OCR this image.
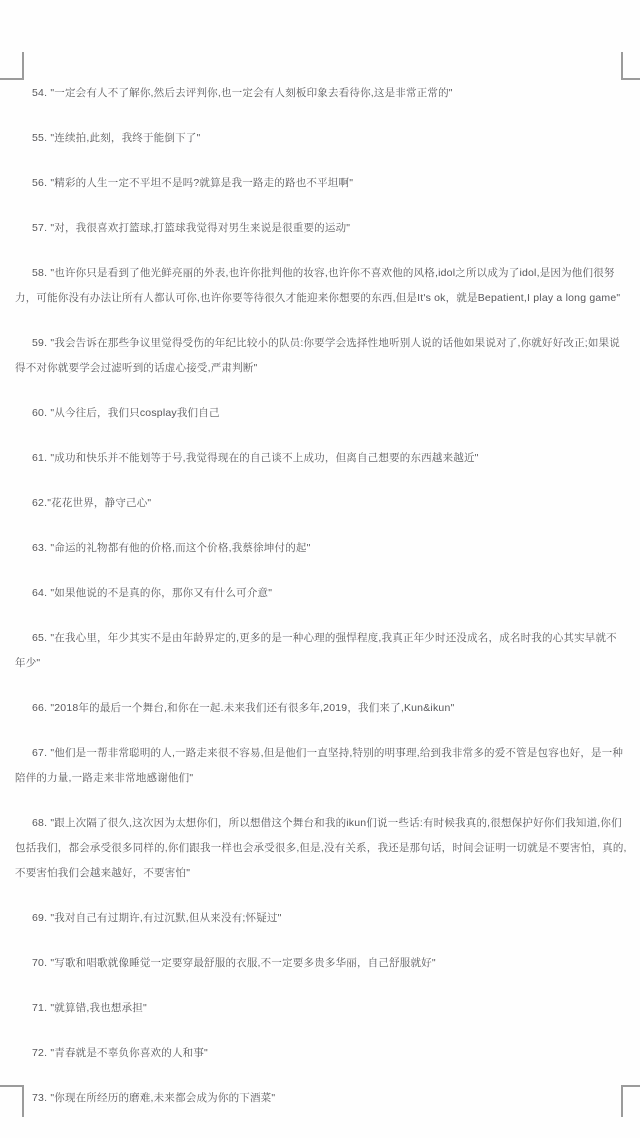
54. "一定会有人不了解你,然后去评判你,也一定会有人刻板印象去看待你,这是非常正常的"

55. "连续拍,此刻，我终于能倒下了"

56. "精彩的人生一定不平坦不是吗?就算是我一路走的路也不平坦啊"

57. "对，我很喜欢打篮球,打篮球我觉得对男生来说是很重要的运动"

58. "也许你只是看到了他光鲜亮丽的外表,也许你批判他的妆容,也许你不喜欢他的风格,idol之所以成为了idol,是因为他们很努力，可能你没有办法让所有人都认可你,也许你要等待很久才能迎来你想要的东西,但是It's ok，就是Bepatient,I play a long game"

59. "我会告诉在那些争议里觉得受伤的年纪比较小的队员:你要学会选择性地听别人说的话他如果说对了,你就好好改正;如果说得不对你就要学会过滤听到的话虚心接受,严肃判断"

60. "从今往后，我们只cosplay我们自己

61. "成功和快乐并不能划等于号,我觉得现在的自己谈不上成功，但离自己想要的东西越来越近"

62."花花世界，静守己心"

63. "命运的礼物都有他的价格,而这个价格,我蔡徐坤付的起"

64. "如果他说的不是真的你，那你又有什么可介意"

65. "在我心里，年少其实不是由年龄界定的,更多的是一种心理的强悍程度,我真正年少时还没成名，成名时我的心其实早就不年少"

66. "2018年的最后一个舞台,和你在一起.未来我们还有很多年,2019，我们来了,Kun&ikun"

67. "他们是一帮非常聪明的人,一路走来很不容易,但是他们一直坚持,特别的明事理,给到我非常多的爱不管是包容也好，是一种陪伴的力量,一路走来非常地感谢他们"

68. "跟上次隔了很久,这次因为太想你们，所以想借这个舞台和我的ikun们说一些话:有时候我真的,很想保护好你们我知道,你们包括我们，都会承受很多同样的,你们跟我一样也会承受很多,但是,没有关系，我还是那句话，时间会证明一切就是不要害怕，真的,不要害怕我们会越来越好，不要害怕"

69. "我对自己有过期许,有过沉默,但从来没有;怀疑过"

70. "写歌和唱歌就像睡觉一定要穿最舒服的衣服,不一定要多贵多华丽，自己舒服就好"

71. "就算错,我也想承担"

72. "青春就是不辜负你喜欢的人和事"

73. "你现在所经历的磨难,未来都会成为你的下酒菜"
